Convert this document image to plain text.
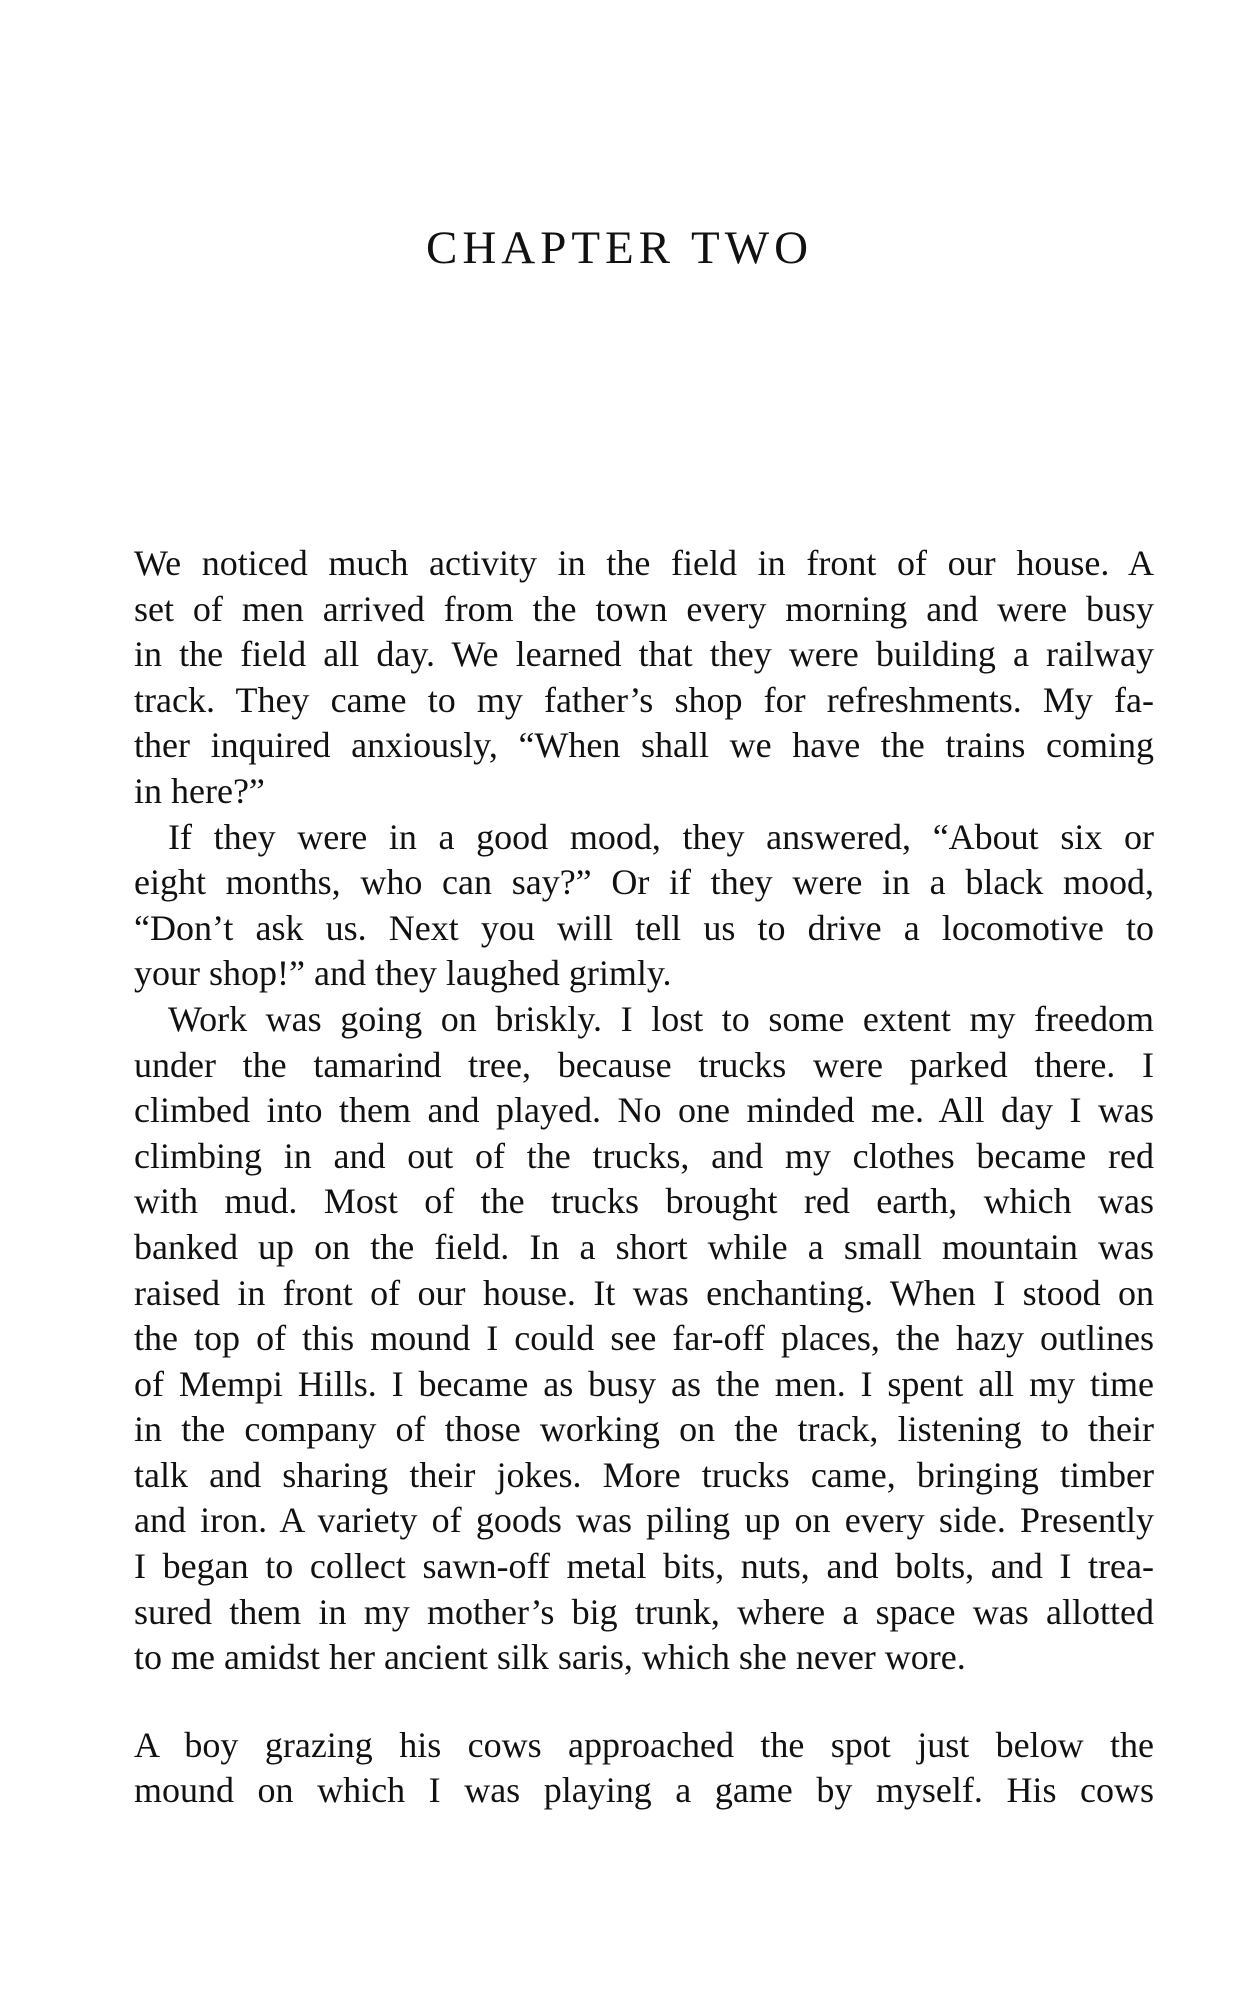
CHAPTER TWO
We noticed much activity in the field in front of our house. A
set of men arrived from the town every morning and were busy
in the field all day. We learned that they were building a railway
track. They came to my father’s shop for refreshments. My fa-
ther inquired anxiously, “When shall we have the trains coming
in here?”
If they were in a good mood, they answered, “About six or
eight months, who can say?” Or if they were in a black mood,
“Don’t ask us. Next you will tell us to drive a locomotive to
your shop!” and they laughed grimly.
Work was going on briskly. I lost to some extent my freedom
under the tamarind tree, because trucks were parked there. I
climbed into them and played. No one minded me. All day I was
climbing in and out of the trucks, and my clothes became red
with mud. Most of the trucks brought red earth, which was
banked up on the field. In a short while a small mountain was
raised in front of our house. It was enchanting. When I stood on
the top of this mound I could see far-off places, the hazy outlines
of Mempi Hills. I became as busy as the men. I spent all my time
in the company of those working on the track, listening to their
talk and sharing their jokes. More trucks came, bringing timber
and iron. A variety of goods was piling up on every side. Presently
I began to collect sawn-off metal bits, nuts, and bolts, and I trea-
sured them in my mother’s big trunk, where a space was allotted
to me amidst her ancient silk saris, which she never wore.
A boy grazing his cows approached the spot just below the
mound on which I was playing a game by myself. His cows
